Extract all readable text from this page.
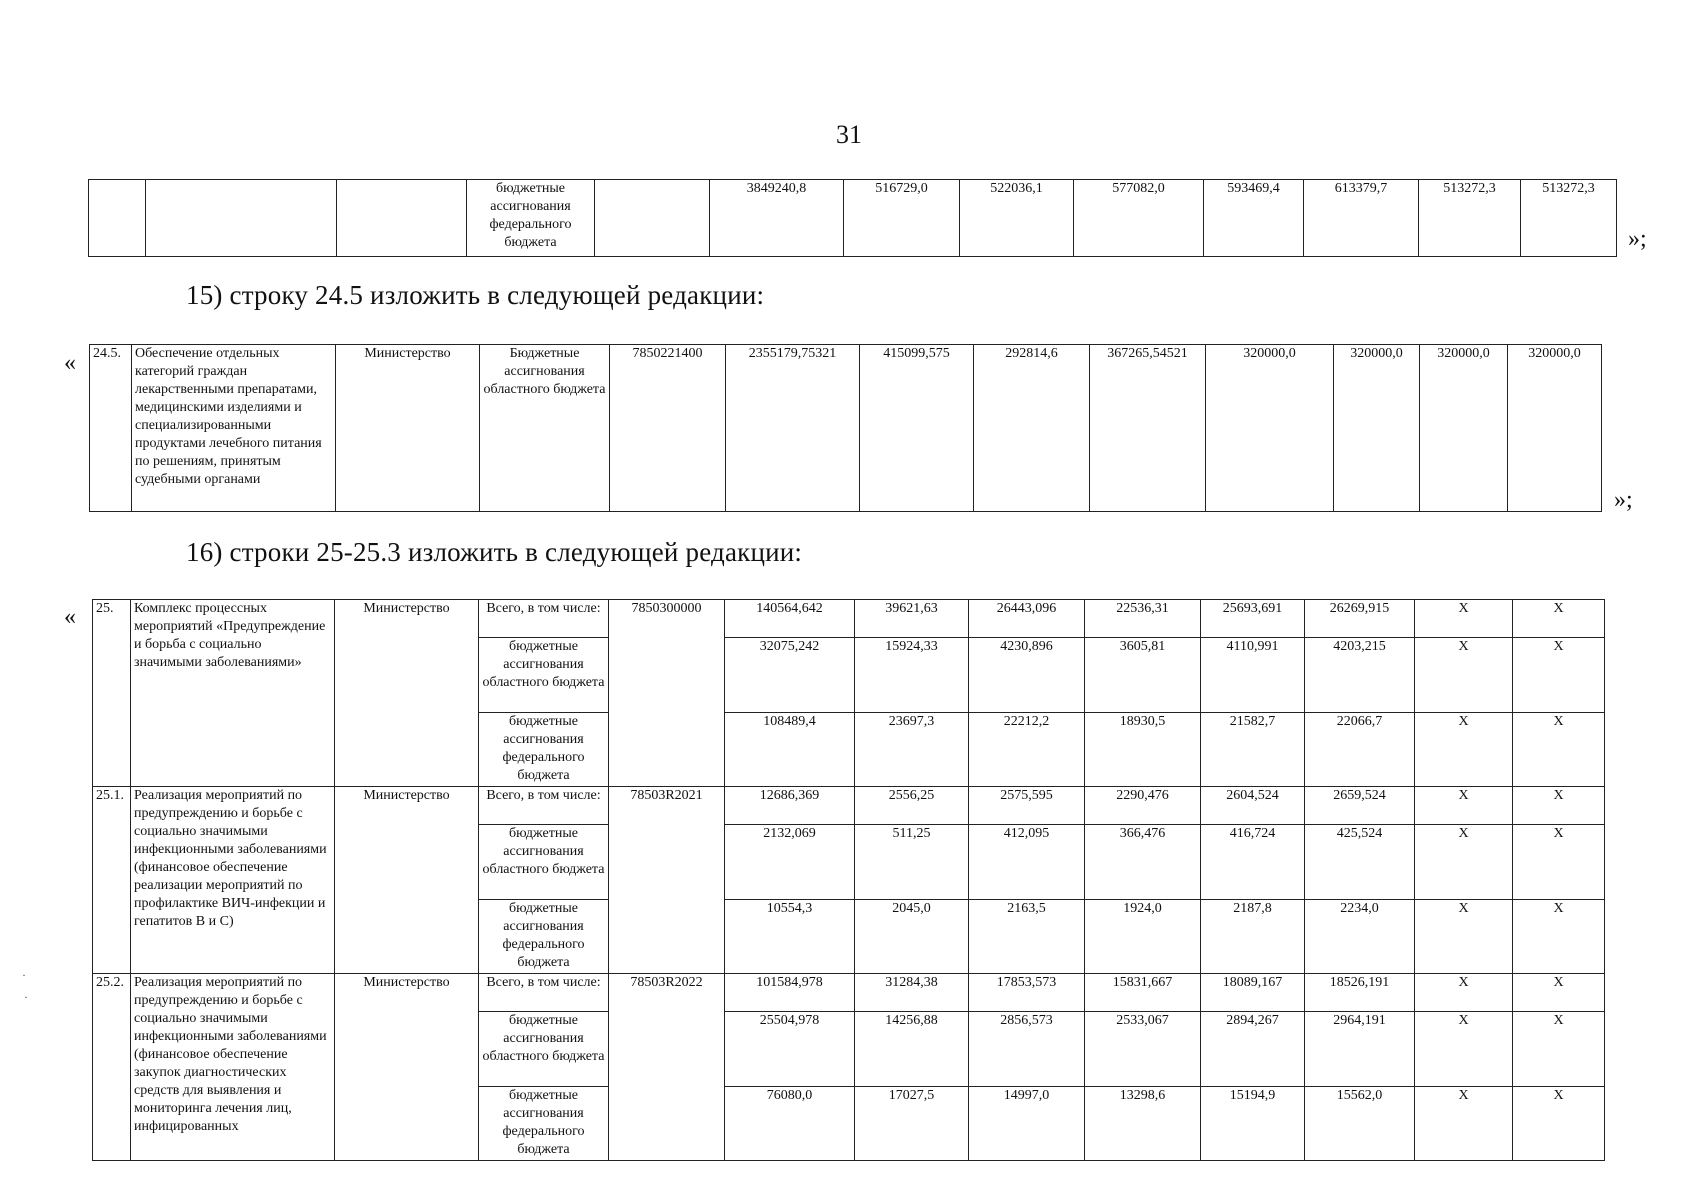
31
			бюджетные ассигнования федерального бюджета		3849240,8	516729,0	522036,1	577082,0	593469,4	613379,7	513272,3	513272,3
»;
15) строку 24.5 изложить в следующей редакции:
« 24.5.	Обеспечение отдельных категорий граждан лекарственными препаратами, медицинскими изделиями и специализированными продуктами лечебного питания по решениям, принятым судебными органами	Министерство	Бюджетные ассигнования областного бюджета	7850221400	2355179,75321	415099,575	292814,6	367265,54521	320000,0	320000,0	320000,0	320000,0
»;
16) строки 25-25.3 изложить в следующей редакции:
« 25.	Комплекс процессных мероприятий «Предупреждение и борьба с социально значимыми заболеваниями»	Министерство	Всего, в том числе:	7850300000	140564,642	39621,63	26443,096	22536,31	25693,691	26269,915	Х	Х
			бюджетные ассигнования областного бюджета		32075,242	15924,33	4230,896	3605,81	4110,991	4203,215	Х	Х
			бюджетные ассигнования федерального бюджета		108489,4	23697,3	22212,2	18930,5	21582,7	22066,7	Х	Х
25.1.	Реализация мероприятий по предупреждению и борьбе с социально значимыми инфекционными заболеваниями (финансовое обеспечение реализации мероприятий по профилактике ВИЧ-инфекции и гепатитов В и С)	Министерство	Всего, в том числе:	78503R2021	12686,369	2556,25	2575,595	2290,476	2604,524	2659,524	Х	Х
			бюджетные ассигнования областного бюджета		2132,069	511,25	412,095	366,476	416,724	425,524	Х	Х
			бюджетные ассигнования федерального бюджета		10554,3	2045,0	2163,5	1924,0	2187,8	2234,0	Х	Х
25.2.	Реализация мероприятий по предупреждению и борьбе с социально значимыми инфекционными заболеваниями (финансовое обеспечение закупок диагностических средств для выявления и мониторинга лечения лиц, инфицированных	Министерство	Всего, в том числе:	78503R2022	101584,978	31284,38	17853,573	15831,667	18089,167	18526,191	Х	Х
			бюджетные ассигнования областного бюджета		25504,978	14256,88	2856,573	2533,067	2894,267	2964,191	Х	Х
			бюджетные ассигнования федерального бюджета		76080,0	17027,5	14997,0	13298,6	15194,9	15562,0	Х	Х
·
·
